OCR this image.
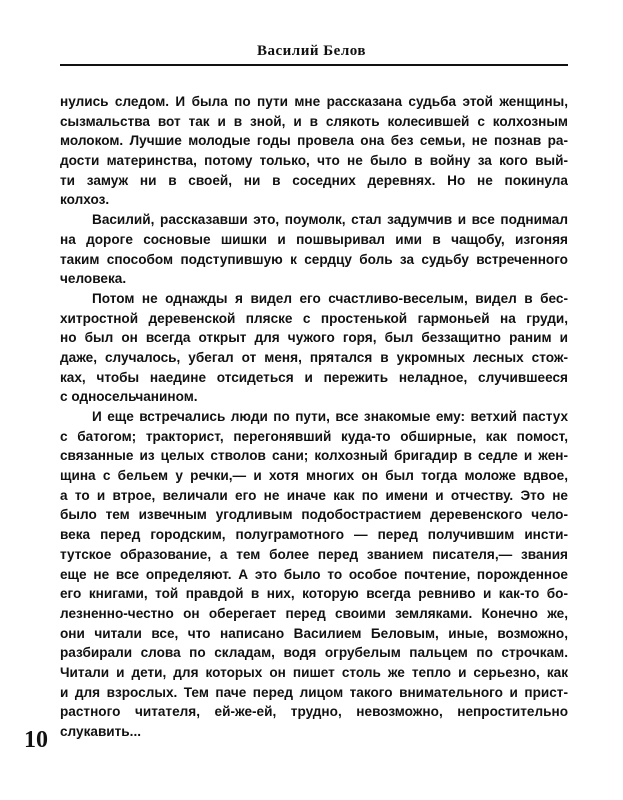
Василий Белов
нулись следом. И была по пути мне рассказана судьба этой женщины,
сызмальства вот так и в зной, и в слякоть колесившей с колхозным
молоком. Лучшие молодые годы провела она без семьи, не познав ра-
дости материнства, потому только, что не было в войну за кого вый-
ти замуж ни в своей, ни в соседних деревнях. Но не покинула
колхоз.
Василий, рассказавши это, поумолк, стал задумчив и все поднимал
на дороге сосновые шишки и пошвыривал ими в чащобу, изгоняя
таким способом подступившую к сердцу боль за судьбу встреченного
человека.
Потом не однажды я видел его счастливо-веселым, видел в бес-
хитростной деревенской пляске с простенькой гармоньей на груди,
но был он всегда открыт для чужого горя, был беззащитно раним и
даже, случалось, убегал от меня, прятался в укромных лесных стож-
ках, чтобы наедине отсидеться и пережить неладное, случившееся
с односельчанином.
И еще встречались люди по пути, все знакомые ему: ветхий пастух
с батогом; тракторист, перегонявший куда-то обширные, как помост,
связанные из целых стволов сани; колхозный бригадир в седле и жен-
щина с бельем у речки,— и хотя многих он был тогда моложе вдвое,
а то и втрое, величали его не иначе как по имени и отчеству. Это не
было тем извечным угодливым подобострастием деревенского чело-
века перед городским, полуграмотного — перед получившим инсти-
тутское образование, а тем более перед званием писателя,— звания
еще не все определяют. А это было то особое почтение, порожденное
его книгами, той правдой в них, которую всегда ревниво и как-то бо-
лезненно-честно он оберегает перед своими земляками. Конечно же,
они читали все, что написано Василием Беловым, иные, возможно,
разбирали слова по складам, водя огрубелым пальцем по строчкам.
Читали и дети, для которых он пишет столь же тепло и серьезно, как
и для взрослых. Тем паче перед лицом такого внимательного и прист-
растного читателя, ей-же-ей, трудно, невозможно, непростительно
слукавить...
10
